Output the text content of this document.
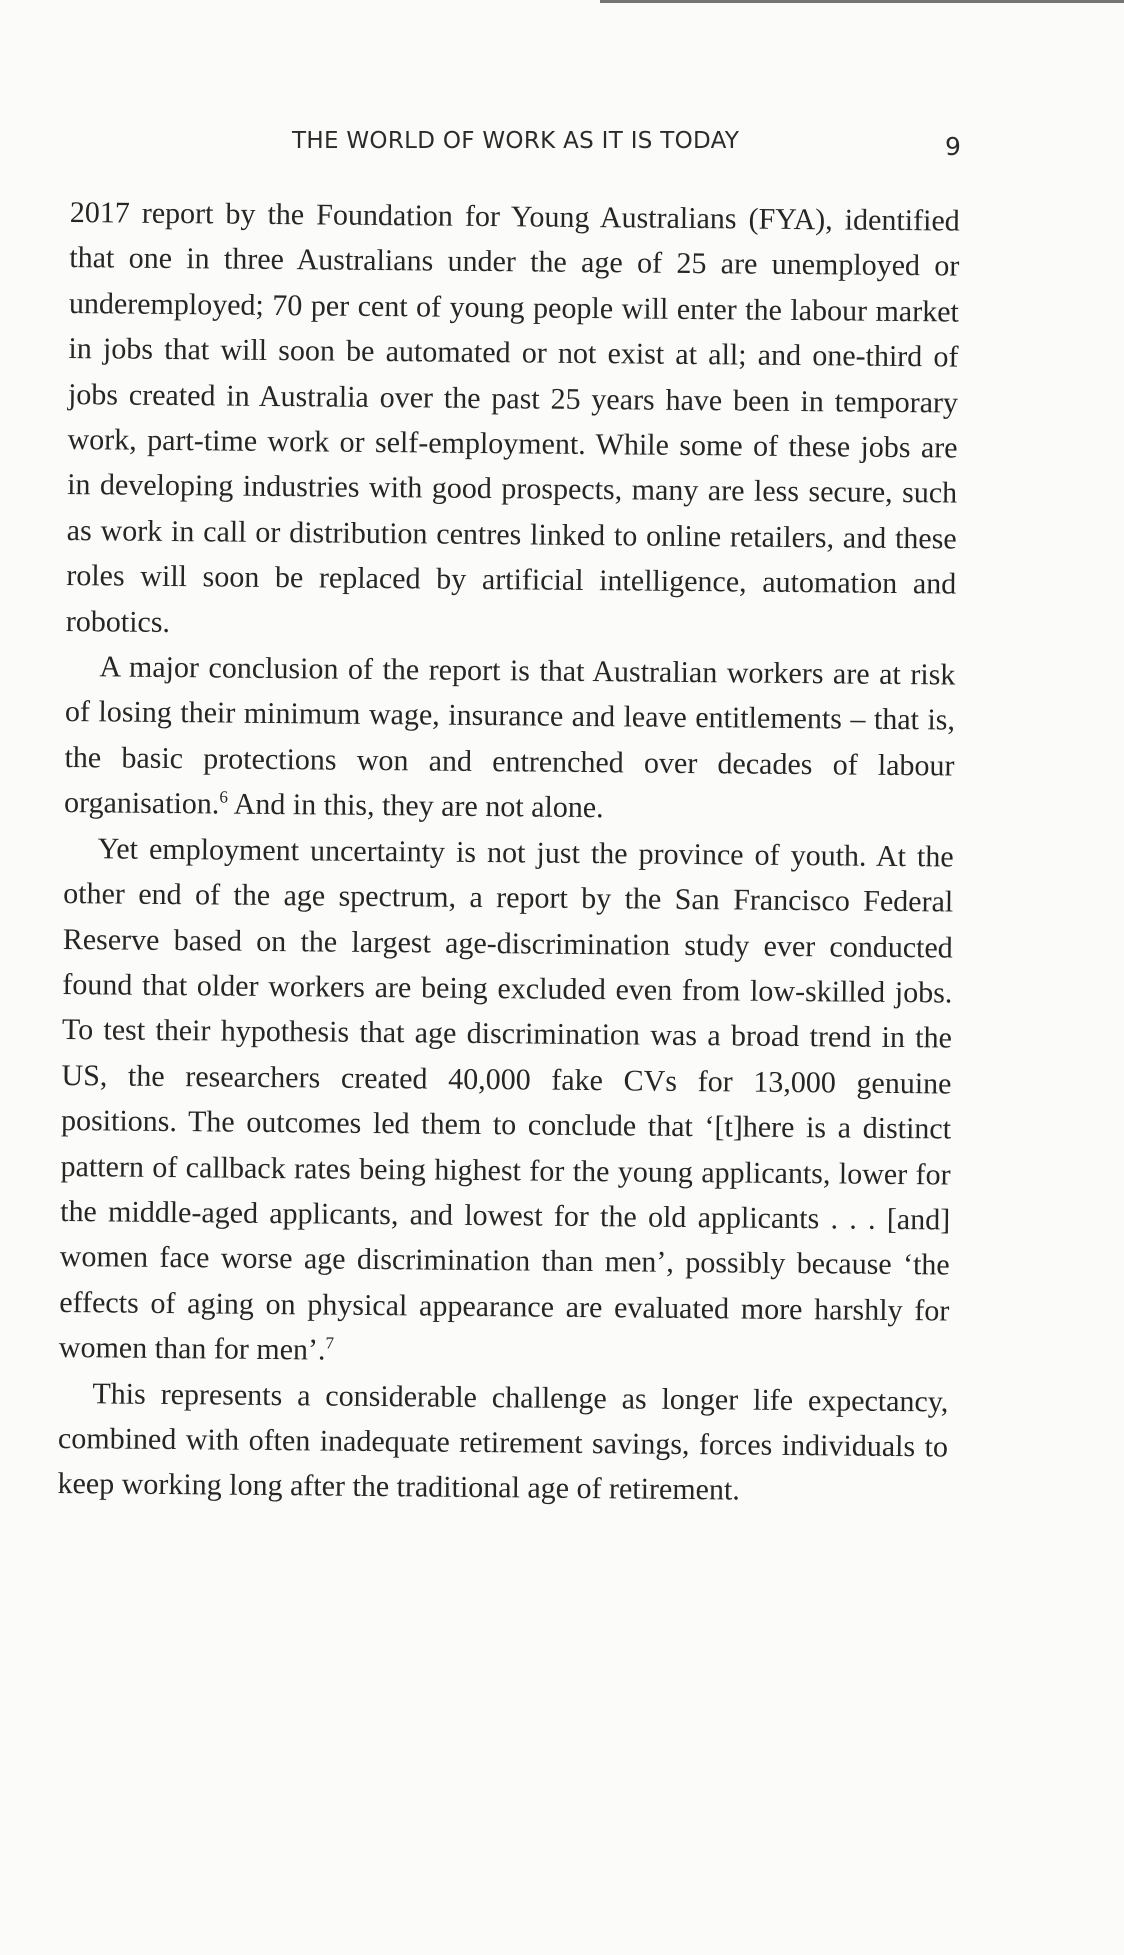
THE WORLD OF WORK AS IT IS TODAY	9

2017 report by the Foundation for Young Australians (FYA), identified that one in three Australians under the age of 25 are unemployed or underemployed; 70 per cent of young people will enter the labour market in jobs that will soon be automated or not exist at all; and one-third of jobs created in Australia over the past 25 years have been in temporary work, part-time work or self-employment. While some of these jobs are in developing industries with good prospects, many are less secure, such as work in call or distribution centres linked to online retailers, and these roles will soon be replaced by artificial intelligence, automation and robotics.

A major conclusion of the report is that Australian workers are at risk of losing their minimum wage, insurance and leave entitlements – that is, the basic protections won and entrenched over decades of labour organisation.$^6$ And in this, they are not alone.

Yet employment uncertainty is not just the province of youth. At the other end of the age spectrum, a report by the San Francisco Federal Reserve based on the largest age-discrimination study ever conducted found that older workers are being excluded even from low-skilled jobs. To test their hypothesis that age discrimination was a broad trend in the US, the researchers created 40,000 fake CVs for 13,000 genuine positions. The outcomes led them to conclude that ‘[t]here is a distinct pattern of callback rates being highest for the young applicants, lower for the middle-aged applicants, and lowest for the old applicants . . . [and] women face worse age discrimination than men’, possibly because ‘the effects of aging on physical appearance are evaluated more harshly for women than for men’.$^7$

This represents a considerable challenge as longer life expectancy, combined with often inadequate retirement savings, forces individuals to keep working long after the traditional age of retirement.
